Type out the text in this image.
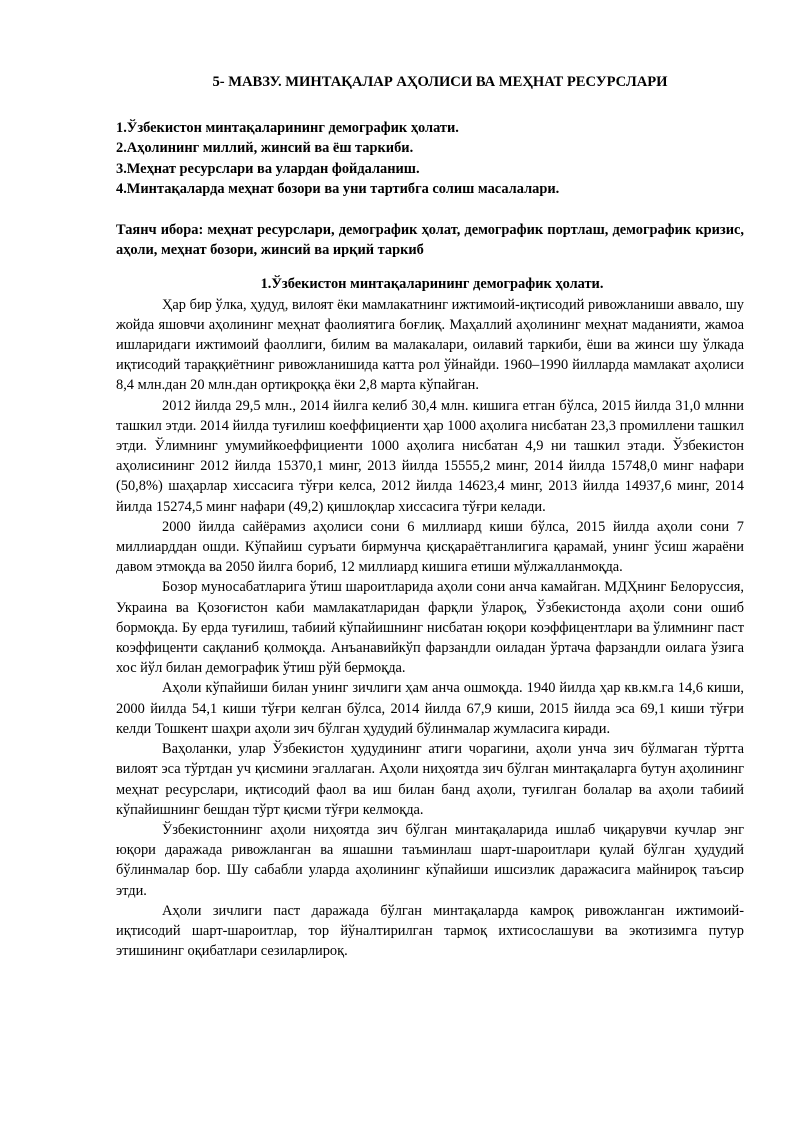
5- МАВЗУ. МИНТАҚАЛАР АҲОЛИСИ ВА МЕҲНАТ РЕСУРСЛАРИ
1.Ўзбекистон минтақаларининг демографик ҳолати.
2.Аҳолининг миллий, жинсий ва ёш таркиби.
3.Меҳнат ресурслари ва улардан фойдаланиш.
4.Минтақаларда меҳнат бозори ва уни тартибга солиш масалалари.

Таянч ибора: меҳнат ресурслари, демографик ҳолат, демографик портлаш, демографик кризис, аҳоли, меҳнат бозори, жинсий ва ирқий таркиб

1.Ўзбекистон минтақаларининг демографик ҳолати.

Ҳар бир ўлка, ҳудуд, вилоят ёки мамлакатнинг ижтимоий-иқтисодий ривожланиши аввало, шу жойда яшовчи аҳолининг меҳнат фаолиятига боғлиқ. Маҳаллий аҳолининг меҳнат маданияти, жамоа ишларидаги ижтимоий фаоллиги, билим ва малакалари, оилавий таркиби, ёши ва жинси шу ўлкада иқтисодий тараққиётнинг ривожланишида катта рол ўйнайди. 1960–1990 йилларда мамлакат аҳолиси 8,4 млн.дан 20 млн.дан ортиқроққа ёки 2,8 марта кўпайган.

2012 йилда 29,5 млн., 2014 йилга келиб 30,4 млн. кишига етган бўлса, 2015 йилда 31,0 млнни ташкил этди. 2014 йилда туғилиш коеффициенти ҳар 1000 аҳолига нисбатан 23,3 промиллени ташкил этди. Ўлимнинг умумийкоеффициенти 1000 аҳолига нисбатан 4,9 ни ташкил этади. Ўзбекистон аҳолисининг 2012 йилда 15370,1 минг, 2013 йилда 15555,2 минг, 2014 йилда 15748,0 минг нафари (50,8%) шаҳарлар хиссасига тўғри келса, 2012 йилда 14623,4 минг, 2013 йилда 14937,6 минг, 2014 йилда 15274,5 минг нафари (49,2) қишлоқлар хиссасига тўғри келади.

2000 йилда сайёрамиз аҳолиси сони 6 миллиард киши бўлса, 2015 йилда аҳоли сони 7 миллиарддан ошди. Кўпайиш суръати бирмунча қисқараётганлигига қарамай, унинг ўсиш жараёни давом этмоқда ва 2050 йилга бориб, 12 миллиард кишига етиши мўлжалланмоқда.

Бозор муносабатларига ўтиш шароитларида аҳоли сони анча камайган. МДҲнинг Белоруссия, Украина ва Қозоғистон каби мамлакатларидан фарқли ўлароқ, Ўзбекистонда аҳоли сони ошиб бормоқда. Бу ерда туғилиш, табиий кўпайишнинг нисбатан юқори коэффицентлари ва ўлимнинг паст коэффиценти сақланиб қолмоқда. Анъанавийкўп фарзандли оиладан ўртача фарзандли оилага ўзига хос йўл билан демографик ўтиш рўй бермоқда.

Аҳоли кўпайиши билан унинг зичлиги ҳам анча ошмоқда. 1940 йилда ҳар кв.км.га 14,6 киши, 2000 йилда 54,1 киши тўғри келган бўлса, 2014 йилда 67,9 киши, 2015 йилда эса 69,1 киши тўғри келди Тошкент шаҳри аҳоли зич бўлган ҳудудий бўлинмалар жумласига киради.

Ваҳоланки, улар Ўзбекистон ҳудудининг атиги чорагини, аҳоли унча зич бўлмаган тўртта вилоят эса тўртдан уч қисмини эгаллаган. Аҳоли ниҳоятда зич бўлган минтақаларга бутун аҳолининг меҳнат ресурслари, иқтисодий фаол ва иш билан банд аҳоли, туғилган болалар ва аҳоли табиий кўпайишнинг бешдан тўрт қисми тўғри келмоқда.

Ўзбекистоннинг аҳоли ниҳоятда зич бўлган минтақаларида ишлаб чиқарувчи кучлар энг юқори даражада ривожланган ва яшашни таъминлаш шарт-шароитлари қулай бўлган ҳудудий бўлинмалар бор. Шу сабабли уларда аҳолининг кўпайиши ишсизлик даражасига майнироқ таъсир этди.

Аҳоли зичлиги паст даражада бўлган минтақаларда камроқ ривожланган ижтимоий-иқтисодий шарт-шароитлар, тор йўналтирилган тармоқ ихтисослашуви ва экотизимга путур этишининг оқибатлари сезиларлироқ.
